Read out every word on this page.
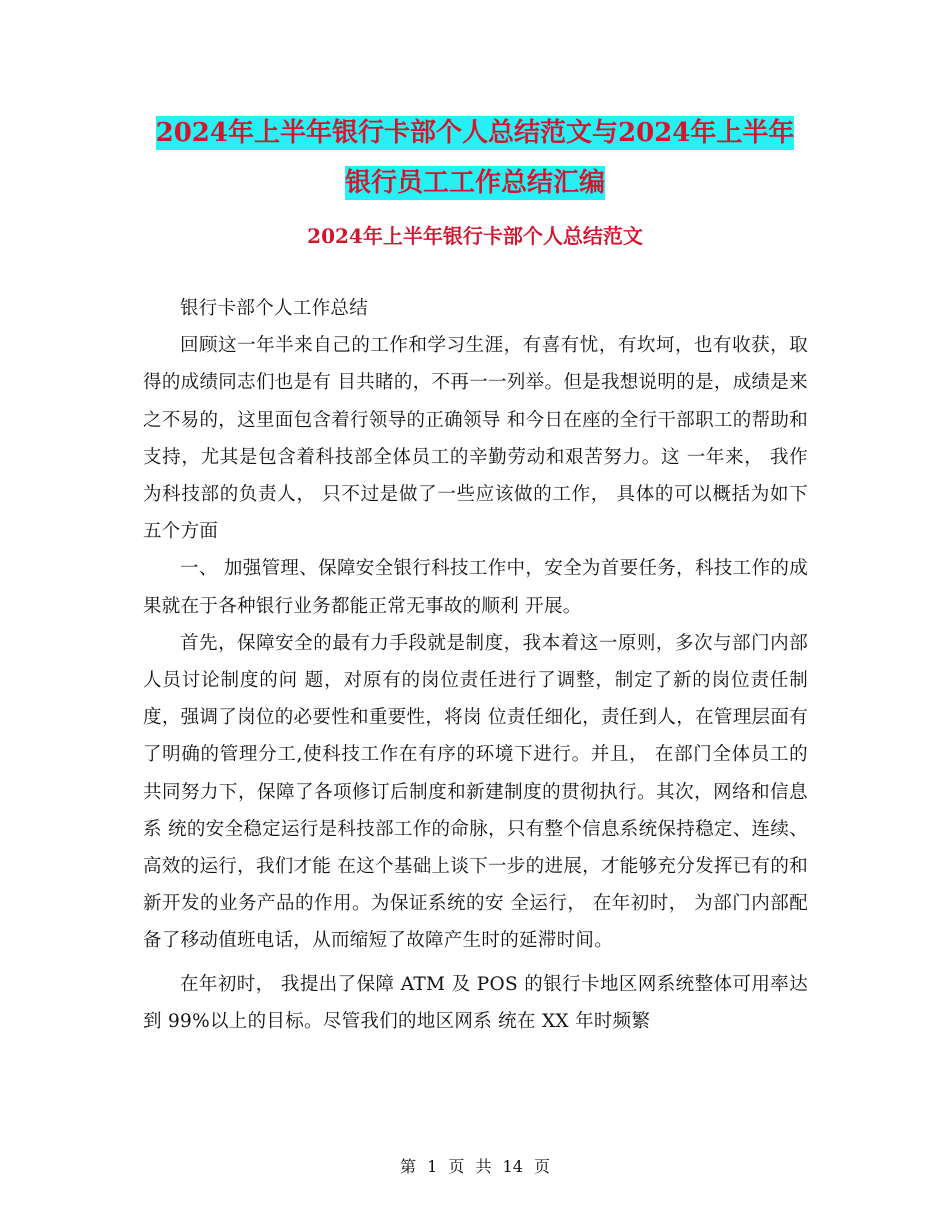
2024年上半年银行卡部个人总结范文与2024年上半年
银行员工工作总结汇编
2024年上半年银行卡部个人总结范文

银行卡部个人工作总结

回顾这一年半来自己的工作和学习生涯，有喜有忧，有坎坷，也有收获，取得的成绩同志们也是有 目共睹的，不再一一列举。但是我想说明的是，成绩是来之不易的，这里面包含着行领导的正确领导 和今日在座的全行干部职工的帮助和支持，尤其是包含着科技部全体员工的辛勤劳动和艰苦努力。这 一年来， 我作为科技部的负责人， 只不过是做了一些应该做的工作， 具体的可以概括为如下五个方面

一、 加强管理、保障安全银行科技工作中，安全为首要任务，科技工作的成果就在于各种银行业务都能正常无事故的顺利 开展。

首先，保障安全的最有力手段就是制度，我本着这一原则，多次与部门内部人员讨论制度的问 题，对原有的岗位责任进行了调整，制定了新的岗位责任制度，强调了岗位的必要性和重要性，将岗 位责任细化，责任到人，在管理层面有了明确的管理分工,使科技工作在有序的环境下进行。并且， 在部门全体员工的共同努力下，保障了各项修订后制度和新建制度的贯彻执行。其次，网络和信息系 统的安全稳定运行是科技部工作的命脉，只有整个信息系统保持稳定、连续、高效的运行，我们才能 在这个基础上谈下一步的进展，才能够充分发挥已有的和新开发的业务产品的作用。为保证系统的安 全运行， 在年初时， 为部门内部配备了移动值班电话，从而缩短了故障产生时的延滞时间。

在年初时， 我提出了保障 ATM 及 POS 的银行卡地区网系统整体可用率达到 99%以上的目标。尽管我们的地区网系 统在 XX 年时频繁

第 1 页 共 14 页
